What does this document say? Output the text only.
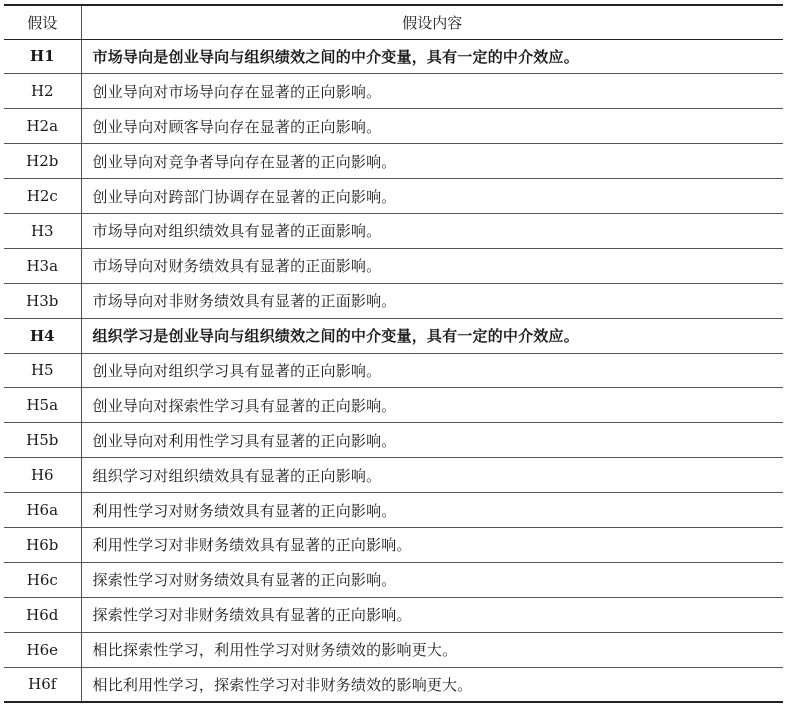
假设	假设内容
H1	市场导向是创业导向与组织绩效之间的中介变量，具有一定的中介效应。
H2	创业导向对市场导向存在显著的正向影响。
H2a	创业导向对顾客导向存在显著的正向影响。
H2b	创业导向对竞争者导向存在显著的正向影响。
H2c	创业导向对跨部门协调存在显著的正向影响。
H3	市场导向对组织绩效具有显著的正面影响。
H3a	市场导向对财务绩效具有显著的正面影响。
H3b	市场导向对非财务绩效具有显著的正面影响。
H4	组织学习是创业导向与组织绩效之间的中介变量，具有一定的中介效应。
H5	创业导向对组织学习具有显著的正向影响。
H5a	创业导向对探索性学习具有显著的正向影响。
H5b	创业导向对利用性学习具有显著的正向影响。
H6	组织学习对组织绩效具有显著的正向影响。
H6a	利用性学习对财务绩效具有显著的正向影响。
H6b	利用性学习对非财务绩效具有显著的正向影响。
H6c	探索性学习对财务绩效具有显著的正向影响。
H6d	探索性学习对非财务绩效具有显著的正向影响。
H6e	相比探索性学习，利用性学习对财务绩效的影响更大。
H6f	相比利用性学习，探索性学习对非财务绩效的影响更大。
